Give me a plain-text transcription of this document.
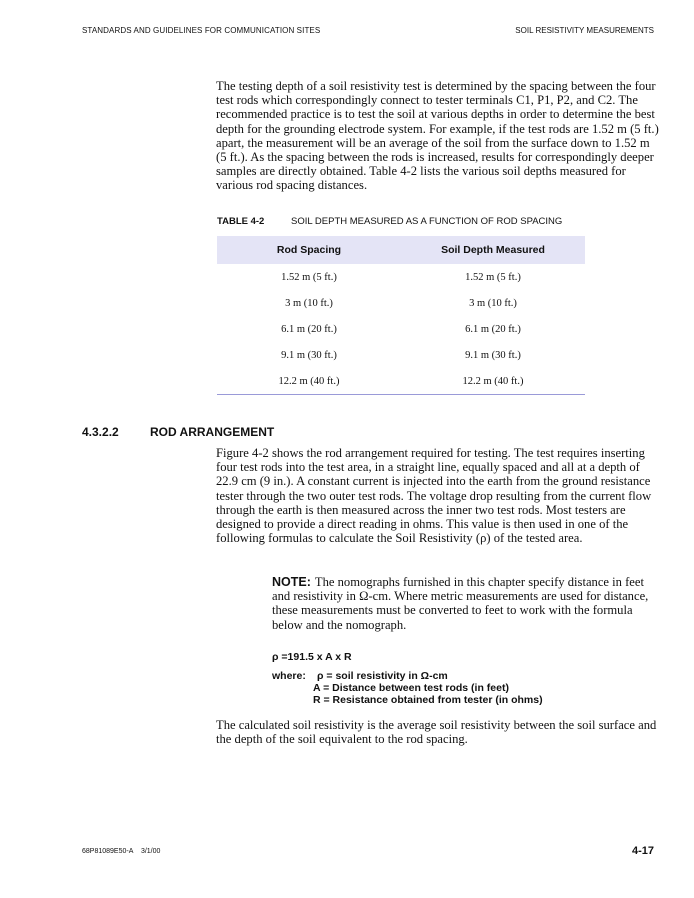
STANDARDS AND GUIDELINES FOR COMMUNICATION SITES	SOIL RESISTIVITY MEASUREMENTS
The testing depth of a soil resistivity test is determined by the spacing between the four
test rods which correspondingly connect to tester terminals C1, P1, P2, and C2. The
recommended practice is to test the soil at various depths in order to determine the best
depth for the grounding electrode system. For example, if the test rods are 1.52 m (5 ft.)
apart, the measurement will be an average of the soil from the surface down to 1.52 m
(5 ft.). As the spacing between the rods is increased, results for correspondingly deeper
samples are directly obtained. Table 4-2 lists the various soil depths measured for
various rod spacing distances.
TABLE 4-2	SOIL DEPTH MEASURED AS A FUNCTION OF ROD SPACING
Rod Spacing	Soil Depth Measured
1.52 m (5 ft.)	1.52 m (5 ft.)
3 m (10 ft.)	3 m (10 ft.)
6.1 m (20 ft.)	6.1 m (20 ft.)
9.1 m (30 ft.)	9.1 m (30 ft.)
12.2 m (40 ft.)	12.2 m (40 ft.)
4.3.2.2	ROD ARRANGEMENT
Figure 4-2 shows the rod arrangement required for testing. The test requires inserting
four test rods into the test area, in a straight line, equally spaced and all at a depth of
22.9 cm (9 in.). A constant current is injected into the earth from the ground resistance
tester through the two outer test rods. The voltage drop resulting from the current flow
through the earth is then measured across the inner two test rods. Most testers are
designed to provide a direct reading in ohms. This value is then used in one of the
following formulas to calculate the Soil Resistivity (ρ) of the tested area.
NOTE: The nomographs furnished in this chapter specify distance in feet
and resistivity in Ω-cm. Where metric measurements are used for distance,
these measurements must be converted to feet to work with the formula
below and the nomograph.
ρ =191.5 x A x R
where: ρ = soil resistivity in Ω-cm
A = Distance between test rods (in feet)
R = Resistance obtained from tester (in ohms)
The calculated soil resistivity is the average soil resistivity between the soil surface and
the depth of the soil equivalent to the rod spacing.
68P81089E50-A 3/1/00	4-17
